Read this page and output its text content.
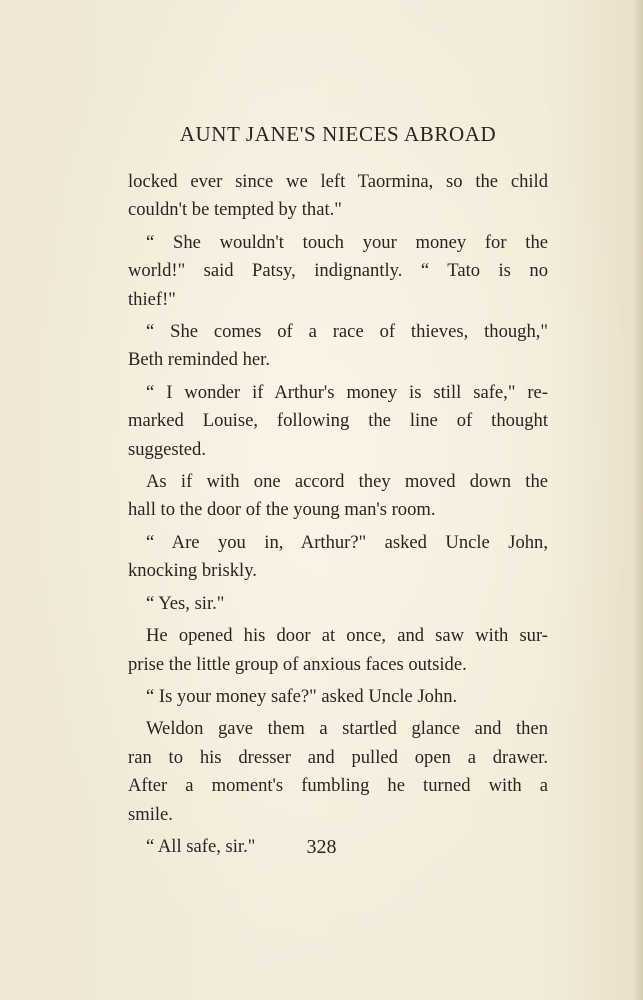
AUNT JANE'S NIECES ABROAD

locked ever since we left Taormina, so the child
couldn't be tempted by that."

“ She wouldn't touch your money for the
world!" said Patsy, indignantly. “ Tato is no
thief!"

“ She comes of a race of thieves, though,"
Beth reminded her.

“ I wonder if Arthur's money is still safe," re-
marked Louise, following the line of thought
suggested.

As if with one accord they moved down the
hall to the door of the young man's room.

“ Are you in, Arthur?" asked Uncle John,
knocking briskly.

“ Yes, sir."

He opened his door at once, and saw with sur-
prise the little group of anxious faces outside.

“ Is your money safe?" asked Uncle John.

Weldon gave them a startled glance and then
ran to his dresser and pulled open a drawer.
After a moment's fumbling he turned with a
smile.

“ All safe, sir."	328
